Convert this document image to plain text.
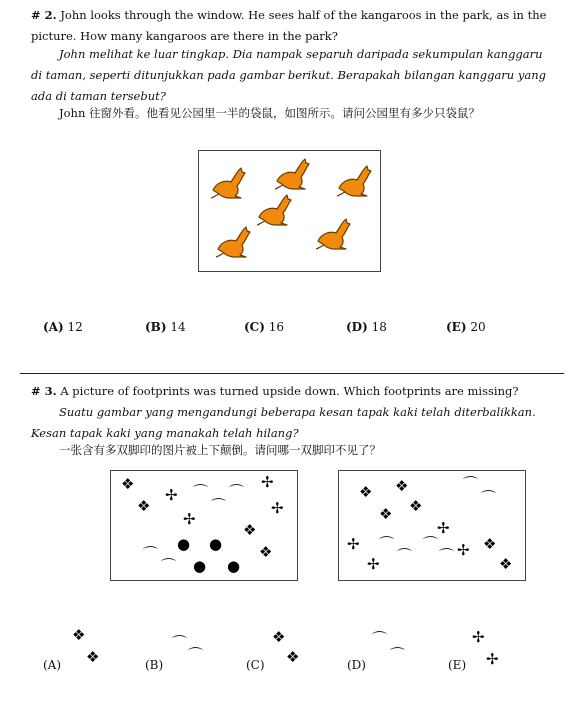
# 2. John looks through the window. He sees half of the kangaroos in the park, as in the picture. How many kangaroos are there in the park?

John melihat ke luar tingkap. Dia nampak separuh daripada sekumpulan kanggaru di taman, seperti ditunjukkan pada gambar berikut. Berapakah bilangan kanggaru yang ada di taman tersebut?

John 往窗外看。他看见公园里一半的袋鼠，如图所示。请问公园里有多少只袋鼠？

(A) 12	(B) 14	(C) 16	(D) 18	(E) 20

# 3. A picture of footprints was turned upside down. Which footprints are missing?

Suatu gambar yang mengandungi beberapa kesan tapak kaki telah diterbalikkan. Kesan tapak kaki yang manakah telah hilang?

一张含有多双脚印的图片被上下颠倒。请问哪一双脚印不见了？

❖
❖
✢
✢
⌒
⌒
⌒
✢
✢
❖
❖
● ●
⌒
⌒ ● ●
❖ ❖
❖
❖
⌒
⌒
✢
✢ ⌒
⌒
⌒
⌒ ✢
✢
❖
❖
❖
❖
(A)
⌒
⌒
(B)
❖
❖
(C)
⌒
⌒
(D)
✢
✢
(E)
